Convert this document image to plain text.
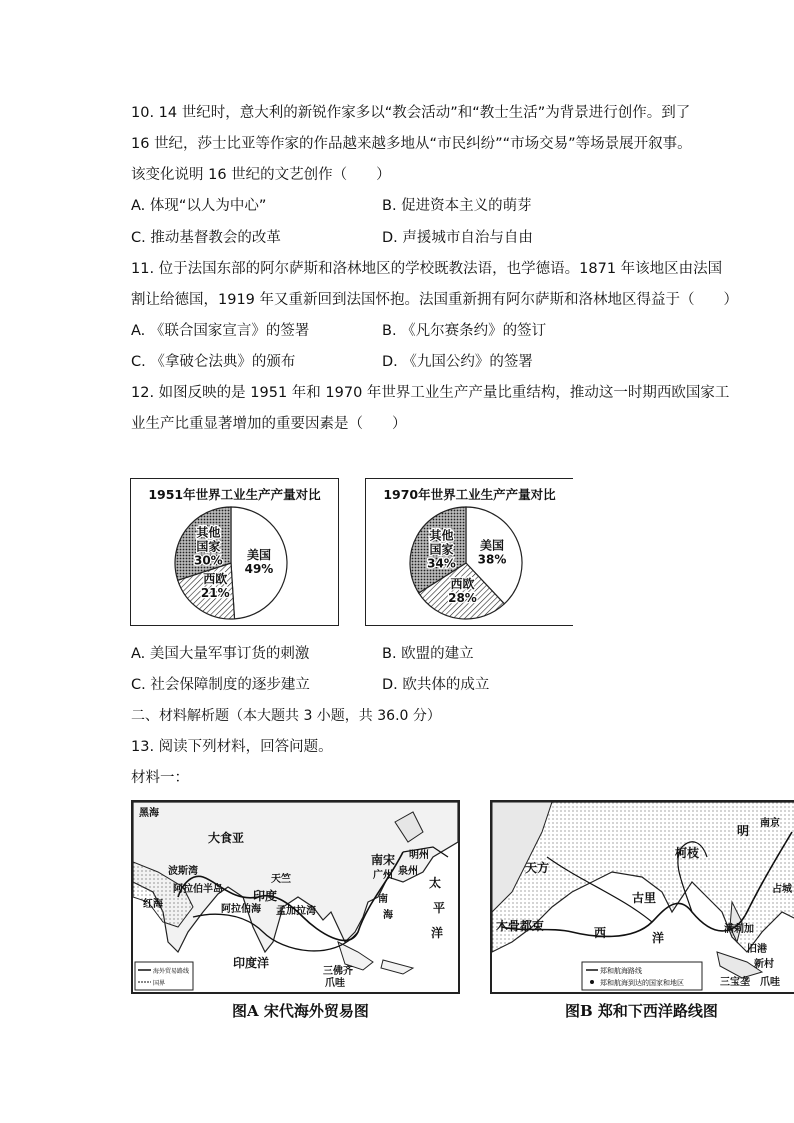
10. 14 世纪时，意大利的新锐作家多以“教会活动”和“教士生活”为背景进行创作。到了
16 世纪，莎士比亚等作家的作品越来越多地从“市民纠纷”“市场交易”等场景展开叙事。
该变化说明 16 世纪的文艺创作（　　）
A. 体现“以人为中心”	B. 促进资本主义的萌芽
C. 推动基督教会的改革	D. 声援城市自治与自由
11. 位于法国东部的阿尔萨斯和洛林地区的学校既教法语，也学德语。1871 年该地区由法国
割让给德国，1919 年又重新回到法国怀抱。法国重新拥有阿尔萨斯和洛林地区得益于（　　）
A. 《联合国家宣言》的签署	B. 《凡尔赛条约》的签订
C. 《拿破仑法典》的颁布	D. 《九国公约》的签署
12. 如图反映的是 1951 年和 1970 年世界工业生产产量比重结构，推动这一时期西欧国家工
业生产比重显著增加的重要因素是（　　）
1951年世界工业生产产量对比
美国
49%
西欧
21%
其他
国家
30%
1970年世界工业生产产量对比
美国
38%
西欧
28%
其他
国家
34%
A. 美国大量军事订货的刺激	B. 欧盟的建立
C. 社会保障制度的逐步建立	D. 欧共体的成立
二、材料解析题（本大题共 3 小题，共 36.0 分）
13. 阅读下列材料，回答问题。
材料一：
黑海
大食亚
波斯湾
阿拉伯半岛
红海
天竺
印度
阿拉伯海 孟加拉湾
印度洋
南宋
广州 泉州
明州
南
海
太
平
洋
三佛齐
爪哇
海外贸易路线
国界
图A 宋代海外贸易图
明
南京
天方
柯枝
古里
木骨都束	西	洋
满剌加
占城
旧港
新村
三宝垄 爪哇
郑和航海路线
郑和航海到达的国家和地区
图B 郑和下西洋路线图
